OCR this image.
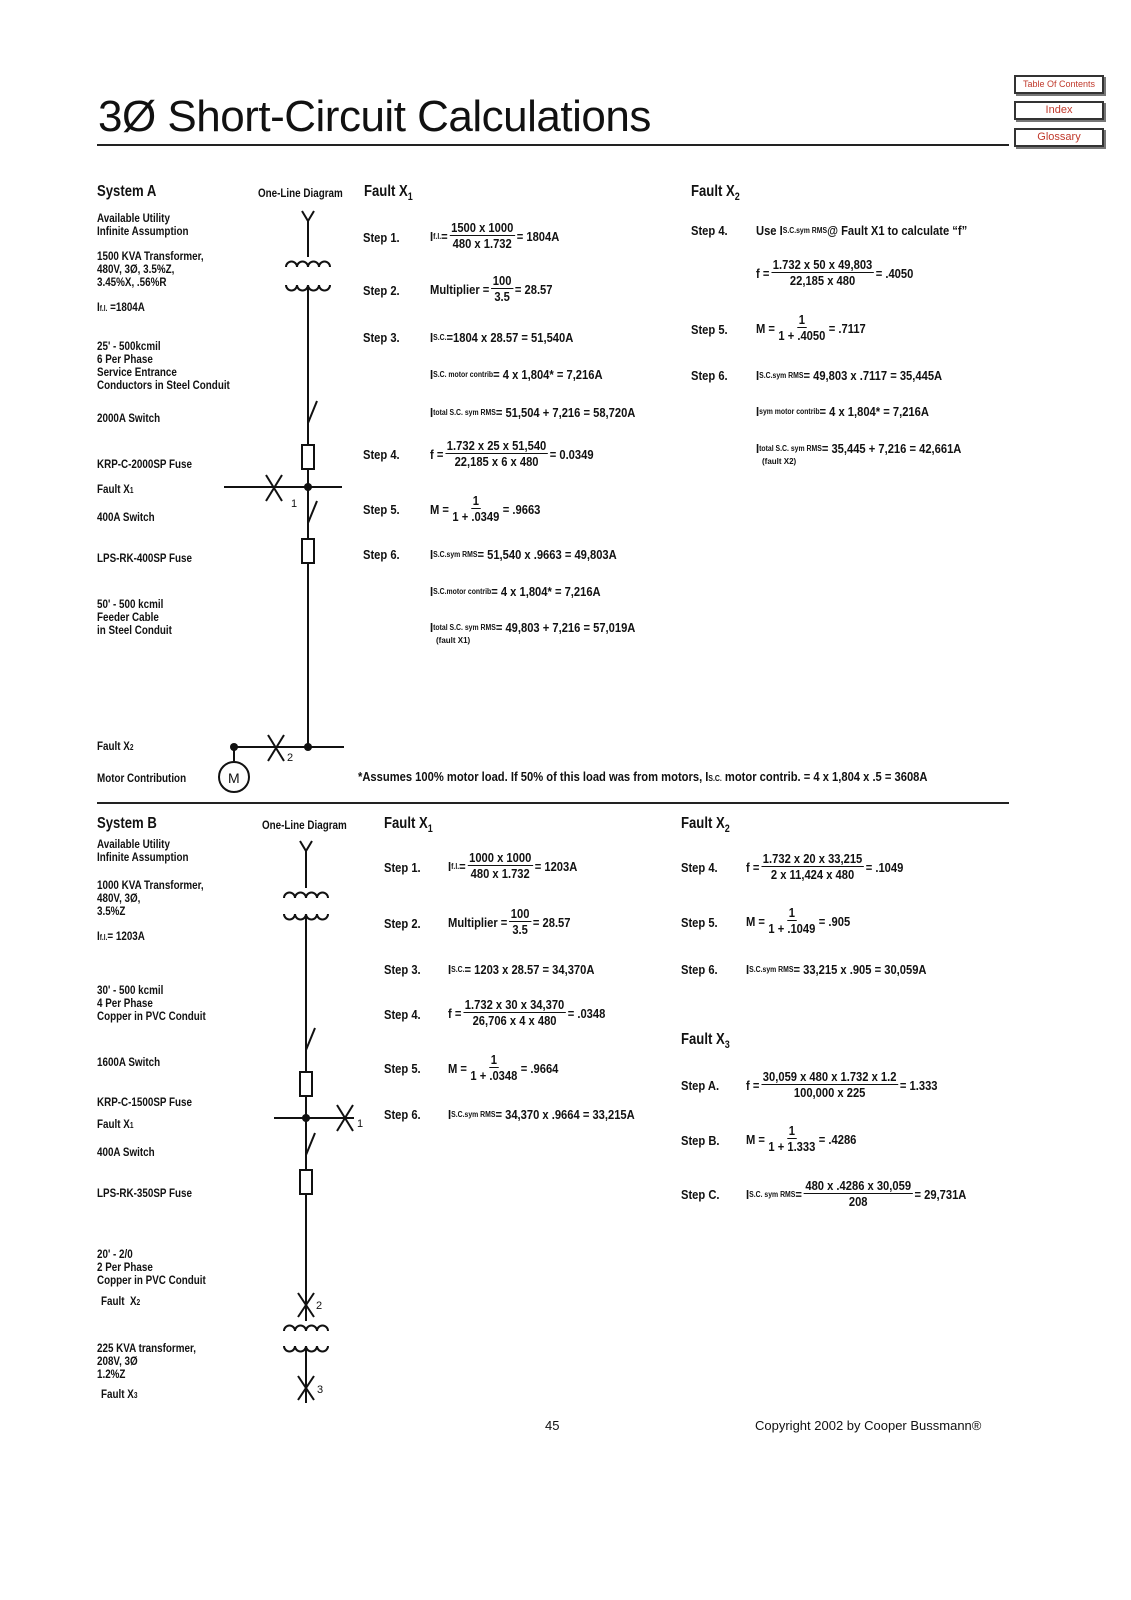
3Ø Short-Circuit Calculations
Table Of Contents
Index
Glossary
System A	One-Line Diagram
Available Utility
Infinite Assumption
1500 KVA Transformer,
480V, 3Ø, 3.5%Z,
3.45%X, .56%R
If.l. =1804A
25' - 500kcmil
6 Per Phase
Service Entrance
Conductors in Steel Conduit
2000A Switch
KRP-C-2000SP Fuse
Fault X1
400A Switch
LPS-RK-400SP Fuse
50' - 500 kcmil
Feeder Cable
in Steel Conduit
Fault X2
Motor Contribution
1
2
M
Fault $X_1$
Step 1. I f.l. = $\frac{1500 x 1000}{480 x 1.732} = 1804A$
Step 2. Multiplier = $\frac{100}{3.5} = 28.57$
Step 3. I S.C. =1804 x 28.57 = 51,540A
I S.C. motor contrib = 4 x 1,804* = 7,216A
I total S.C. sym RMS = 51,504 + 7,216 = 58,720A
Step 4. $f = \frac{1.732 x 25 x 51,540}{22,185 x 6 x 480} = 0.0349$
Step 5. $M = \frac{1}{1 + .0349} = .9663$
Step 6. I S.C.sym RMS = 51,540 x .9663 = 49,803A
I S.C.motor contrib = 4 x 1,804* = 7,216A
I total S.C. sym RMS = 49,803 + 7,216 = 57,019A
(fault X1)
Fault $X_2$
Step 4. Use I S.C.sym RMS @ Fault X1 to calculate “f”
$f = \frac{1.732 x 50 x 49,803}{22,185 x 480} = .4050$
Step 5. $M = \frac{1}{1 + .4050} = .7117$
Step 6. I S.C.sym RMS = 49,803 x .7117 = 35,445A
I sym motor contrib = 4 x 1,804* = 7,216A
I total S.C. sym RMS = 35,445 + 7,216 = 42,661A
(fault X2)
*Assumes 100% motor load. If 50% of this load was from motors, IS.C. motor contrib. = 4 x 1,804 x .5 = 3608A
System B	One-Line Diagram
Available Utility
Infinite Assumption
1000 KVA Transformer,
480V, 3Ø,
3.5%Z
If.l.= 1203A
30' - 500 kcmil
4 Per Phase
Copper in PVC Conduit
1600A Switch
KRP-C-1500SP Fuse
Fault X1
400A Switch
LPS-RK-350SP Fuse
20' - 2/0
2 Per Phase
Copper in PVC Conduit
Fault  X2
225 KVA transformer,
208V, 3Ø
1.2%Z
Fault X3
1
2
3
Fault $X_1$
Step 1. I f.l. = $\frac{1000 x 1000}{480 x 1.732} = 1203A$
Step 2. Multiplier = $\frac{100}{3.5} = 28.57$
Step 3. I S.C. = 1203 x 28.57 = 34,370A
Step 4. $f = \frac{1.732 x 30 x 34,370}{26,706 x 4 x 480} = .0348$
Step 5. $M = \frac{1}{1 + .0348} = .9664$
Step 6. I S.C.sym RMS = 34,370 x .9664 = 33,215A
Fault $X_2$
Step 4. $f = \frac{1.732 x 20 x 33,215}{2 x 11,424 x 480} = .1049$
Step 5. $M = \frac{1}{1 + .1049} = .905$
Step 6. I S.C.sym RMS = 33,215 x .905 = 30,059A
Fault $X_3$
Step A. $f = \frac{30,059 x 480 x 1.732 x 1.2}{100,000 x 225} = 1.333$
Step B. $M = \frac{1}{1 + 1.333} = .4286$
Step C. I S.C. sym RMS = $\frac{480 x .4286 x 30,059}{208} = 29,731A$
45	Copyright 2002 by Cooper Bussmann®
